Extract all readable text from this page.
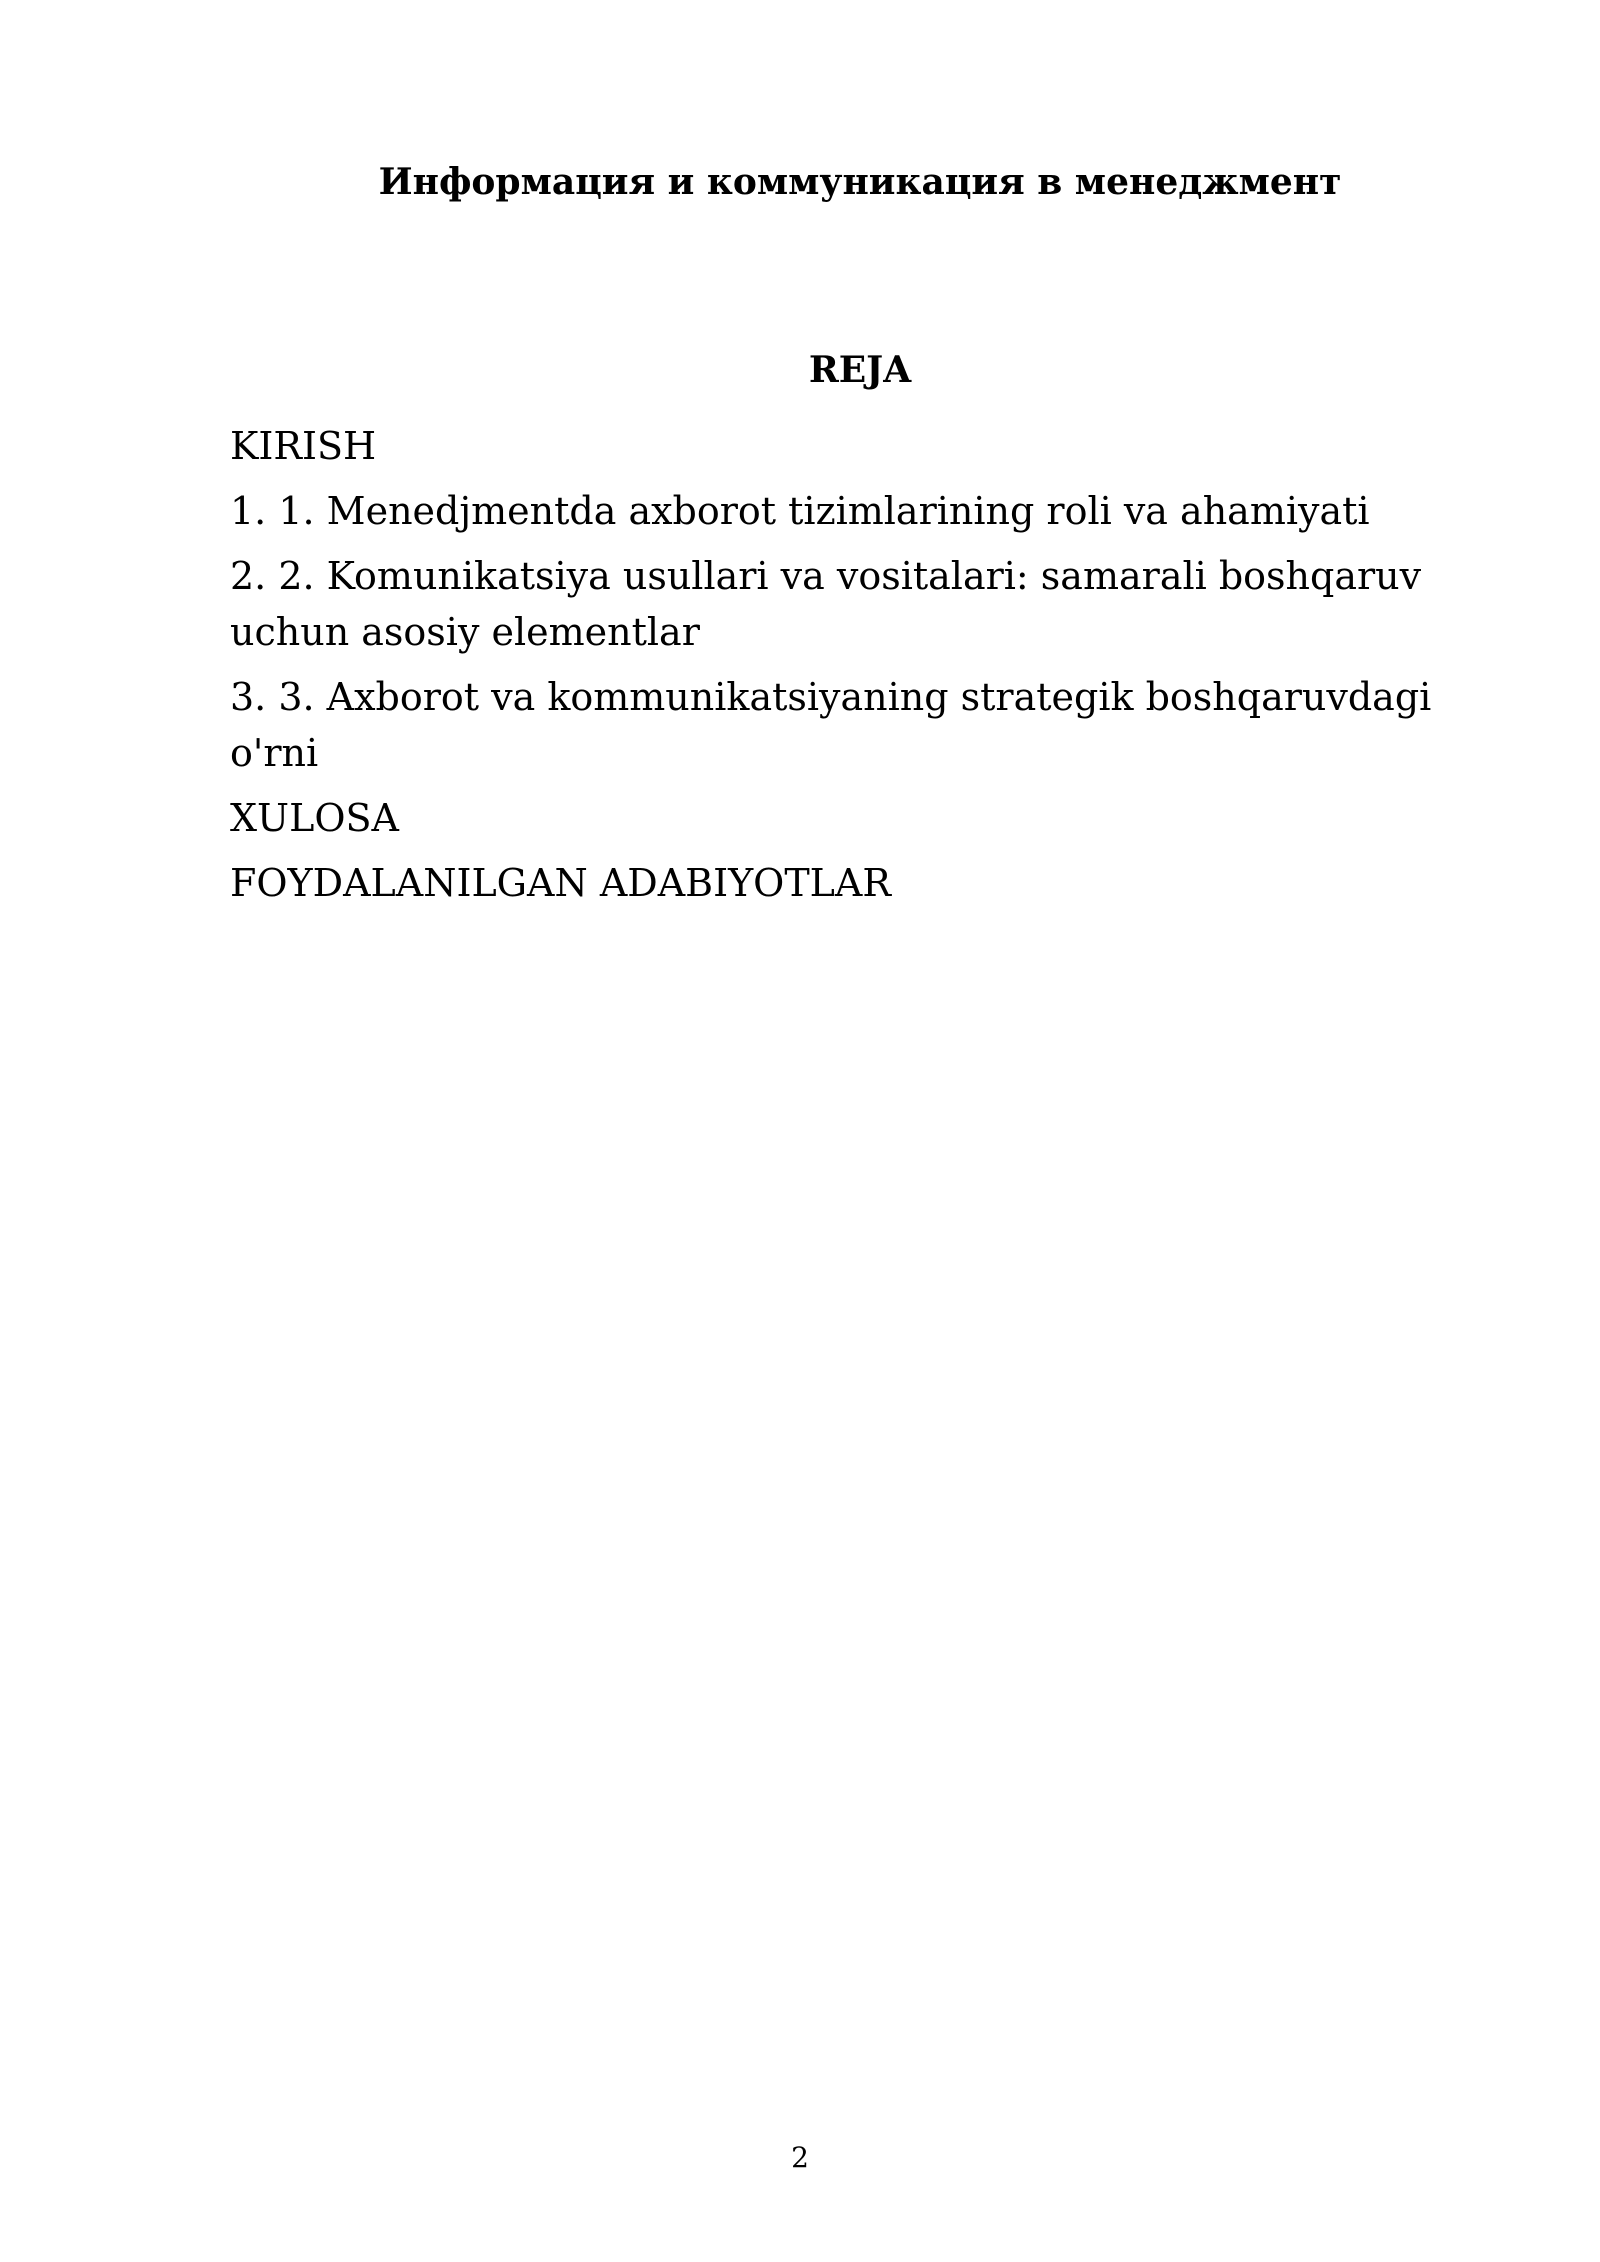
Информация и коммуникация в менеджмент
REJA
KIRISH
1. 1. Menedjmentda axborot tizimlarining roli va ahamiyati
2. 2. Komunikatsiya usullari va vositalari: samarali boshqaruv uchun asosiy elementlar
3. 3. Axborot va kommunikatsiyaning strategik boshqaruvdagi o'rni
XULOSA
FOYDALANILGAN ADABIYOTLAR
2
